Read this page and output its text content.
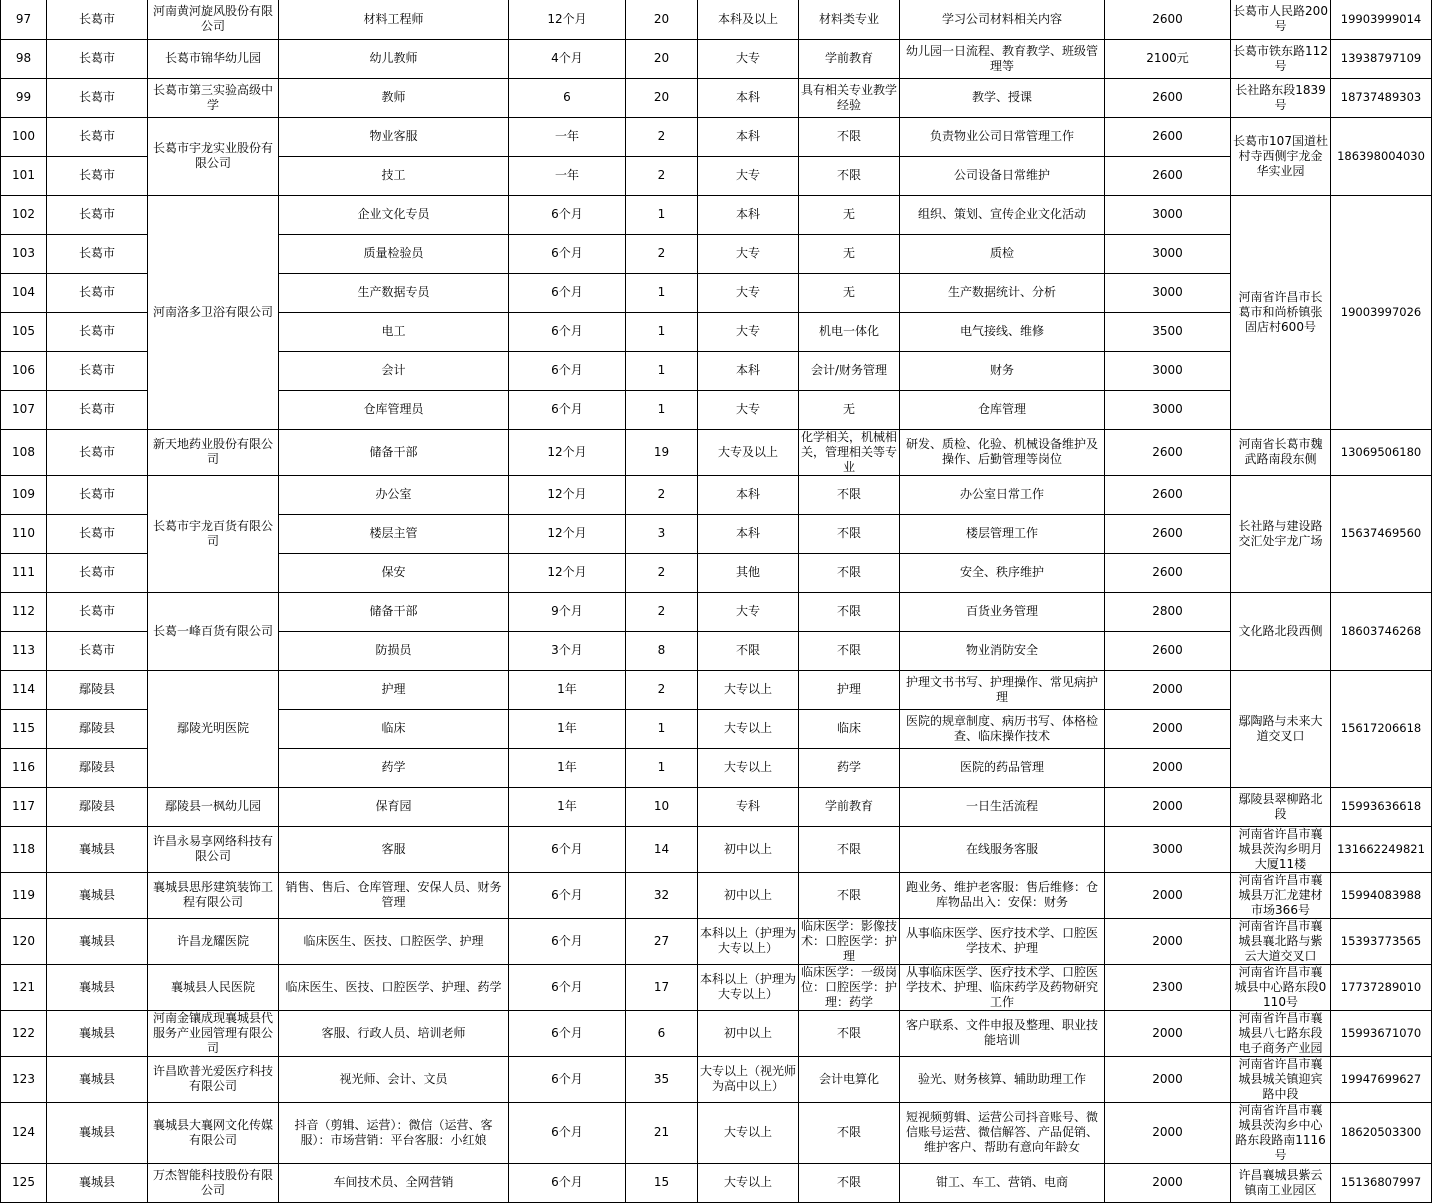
97	长葛市	河南黄河旋风股份有限公司	材料工程师	12个月	20	本科及以上	材料类专业	学习公司材料相关内容	2600	长葛市人民路200号	19903999014
98	长葛市	长葛市锦华幼儿园	幼儿教师	4个月	20	大专	学前教育	幼儿园一日流程、教育教学、班级管理等	2100元	长葛市铁东路112号	13938797109
99	长葛市	长葛市第三实验高级中学	教师	6	20	本科	具有相关专业教学经验	教学、授课	2600	长社路东段1839号	18737489303
100	长葛市	长葛市宇龙实业股份有限公司	物业客服	一年	2	本科	不限	负责物业公司日常管理工作	2600	长葛市107国道杜村寺西侧宇龙金华实业园	186398004030
101	长葛市		技工	一年	2	大专	不限	公司设备日常维护	2600		
102	长葛市	河南洛多卫浴有限公司	企业文化专员	6个月	1	本科	无	组织、策划、宣传企业文化活动	3000	河南省许昌市长葛市和尚桥镇张固店村600号	19003997026
103	长葛市		质量检验员	6个月	2	大专	无	质检	3000		
104	长葛市		生产数据专员	6个月	1	大专	无	生产数据统计、分析	3000		
105	长葛市		电工	6个月	1	大专	机电一体化	电气接线、维修	3500		
106	长葛市		会计	6个月	1	本科	会计/财务管理	财务	3000		
107	长葛市		仓库管理员	6个月	1	大专	无	仓库管理	3000		
108	长葛市	新天地药业股份有限公司	储备干部	12个月	19	大专及以上	化学相关，机械相关，管理相关等专业	研发、质检、化验、机械设备维护及操作、后勤管理等岗位	2600	河南省长葛市魏武路南段东侧	13069506180
109	长葛市	长葛市宇龙百货有限公司	办公室	12个月	2	本科	不限	办公室日常工作	2600	长社路与建设路交汇处宇龙广场	15637469560
110	长葛市		楼层主管	12个月	3	本科	不限	楼层管理工作	2600		
111	长葛市		保安	12个月	2	其他	不限	安全、秩序维护	2600		
112	长葛市	长葛一峰百货有限公司	储备干部	9个月	2	大专	不限	百货业务管理	2800	文化路北段西侧	18603746268
113	长葛市		防损员	3个月	8	不限	不限	物业消防安全	2600		
114	鄢陵县	鄢陵光明医院	护理	1年	2	大专以上	护理	护理文书书写、护理操作、常见病护理	2000	鄢陶路与未来大道交叉口	15617206618
115	鄢陵县		临床	1年	1	大专以上	临床	医院的规章制度、病历书写、体格检查、临床操作技术	2000		
116	鄢陵县		药学	1年	1	大专以上	药学	医院的药品管理	2000		
117	鄢陵县	鄢陵县一枫幼儿园	保育园	1年	10	专科	学前教育	一日生活流程	2000	鄢陵县翠柳路北段	15993636618
118	襄城县	许昌永易享网络科技有限公司	客服	6个月	14	初中以上	不限	在线服务客服	3000	河南省许昌市襄城县茨沟乡明月大厦11楼	131662249821
119	襄城县	襄城县思彤建筑装饰工程有限公司	销售、售后、仓库管理、安保人员、财务管理	6个月	32	初中以上	不限	跑业务、维护老客服：售后维修：仓库物品出入：安保：财务	2000	河南省许昌市襄城县万汇龙建材市场366号	15994083988
120	襄城县	许昌龙耀医院	临床医生、医技、口腔医学、护理	6个月	27	本科以上（护理为大专以上）	临床医学：影像技术：口腔医学：护理	从事临床医学、医疗技术学、口腔医学技术、护理	2000	河南省许昌市襄城县襄北路与紫云大道交叉口	15393773565
121	襄城县	襄城县人民医院	临床医生、医技、口腔医学、护理、药学	6个月	17	本科以上（护理为大专以上）	临床医学：一级岗位：口腔医学：护理：药学	从事临床医学、医疗技术学、口腔医学技术、护理、临床药学及药物研究工作	2300	河南省许昌市襄城县中心路东段0110号	17737289010
122	襄城县	河南金镶成现襄城县代服务产业园管理有限公司	客服、行政人员、培训老师	6个月	6	初中以上	不限	客户联系、文件申报及整理、职业技能培训	2000	河南省许昌市襄城县八七路东段电子商务产业园	15993671070
123	襄城县	许昌欧普光爱医疗科技有限公司	视光师、会计、文员	6个月	35	大专以上（视光师为高中以上）	会计电算化	验光、财务核算、辅助助理工作	2000	河南省许昌市襄城县城关镇迎宾路中段	19947699627
124	襄城县	襄城县大襄网文化传媒有限公司	抖音（剪辑、运营）：微信（运营、客服）：市场营销：平台客服：小红娘	6个月	21	大专以上	不限	短视频剪辑、运营公司抖音账号、微信账号运营、微信解答、产品促销、维护客户、帮助有意向年龄女	2000	河南省许昌市襄城县茨沟乡中心路东段路南1116号	18620503300
125	襄城县	万杰智能科技股份有限公司	车间技术员、全网营销	6个月	15	大专以上	不限	钳工、车工、营销、电商	2000	许昌襄城县紫云镇南工业园区	15136807997
